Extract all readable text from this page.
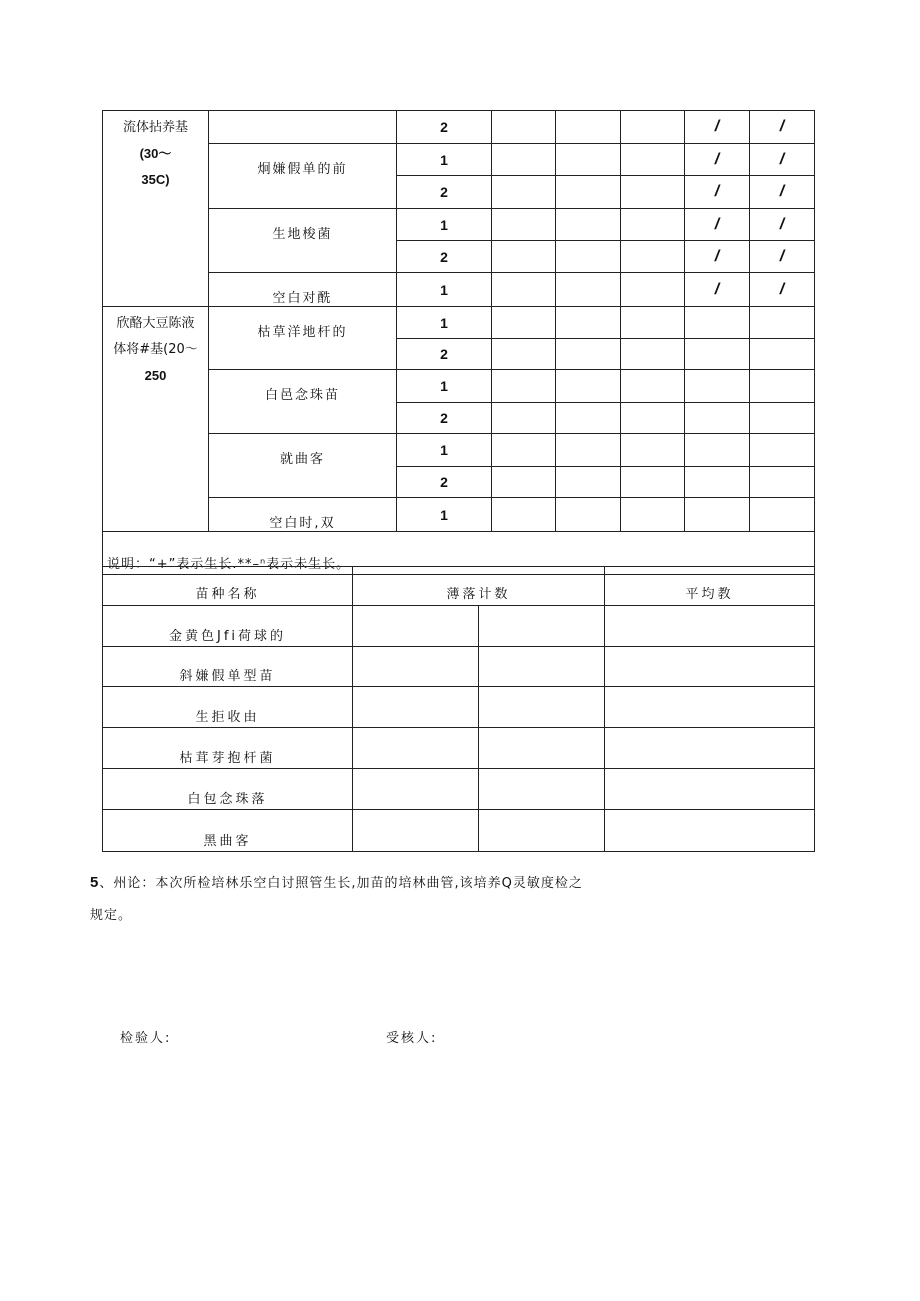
流体拈养基
(30～
35C)		2				/	/
	炯嫌假单的前	1				/	/
		2				/	/
	生地梭菌	1				/	/
		2				/	/
	空白对酰	1				/	/

欣酪大豆陈液
体将#基(20～
250	枯草洋地杆的	1					
		2					
	白邑念珠苗	1					
		2					
	就曲客	1					
		2					
	空白时,双	1					
说明：“+”表示生长.**–ⁿ表示未生长。							
苗种名称	薄落计数		平均教
金黄色Jfi荷球的			
斜嫌假单型苗			
生拒收由			
枯茸芽抱杆菌			
白包念珠落			
黑曲客			
5、州论：本次所检培林乐空白讨照管生长,加苗的培林曲管,该培养Q灵敏度检之
规定。
检验人:	受核人:
